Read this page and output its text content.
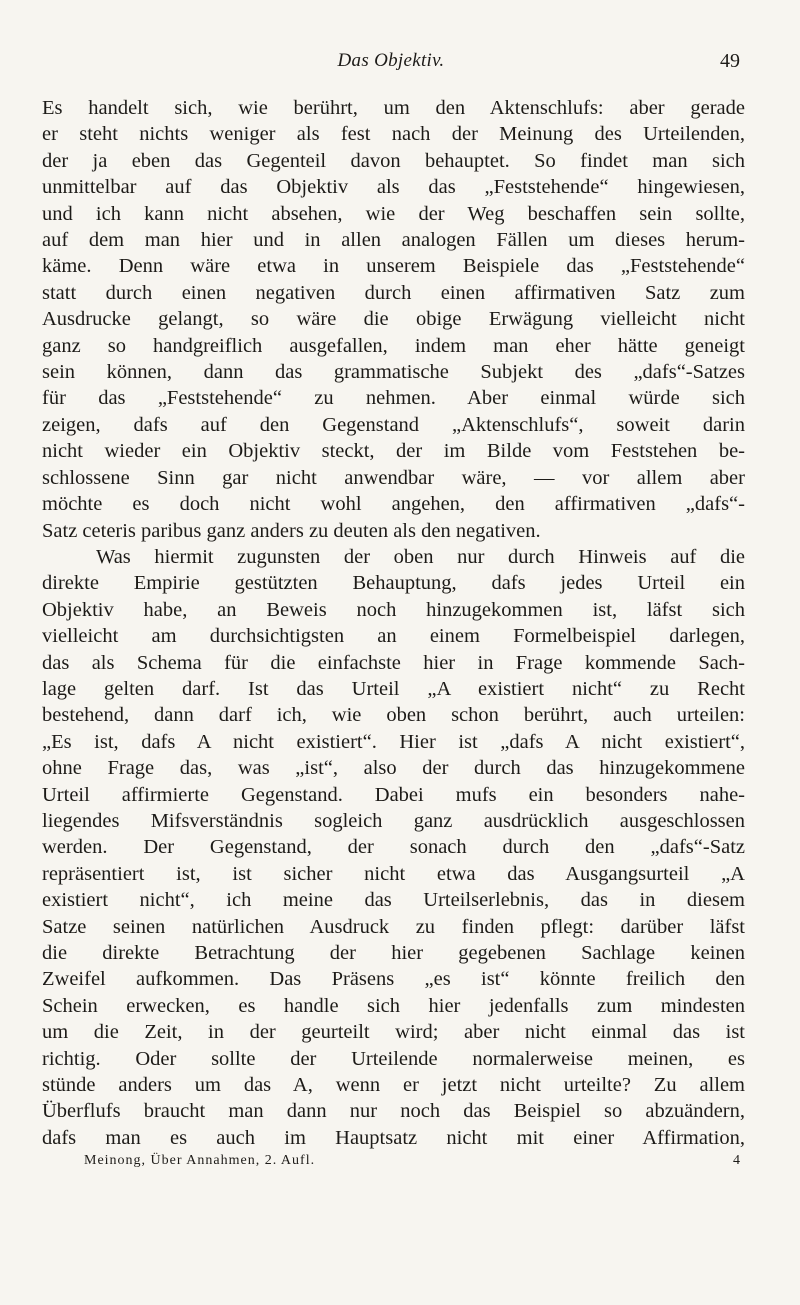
Das Objektiv.	49
Es handelt sich, wie berührt, um den Aktenschlufs: aber gerade
er steht nichts weniger als fest nach der Meinung des Urteilenden,
der ja eben das Gegenteil davon behauptet. So findet man sich
unmittelbar auf das Objektiv als das „Feststehende“ hingewiesen,
und ich kann nicht absehen, wie der Weg beschaffen sein sollte,
auf dem man hier und in allen analogen Fällen um dieses herum-
käme. Denn wäre etwa in unserem Beispiele das „Feststehende“
statt durch einen negativen durch einen affirmativen Satz zum
Ausdrucke gelangt, so wäre die obige Erwägung vielleicht nicht
ganz so handgreiflich ausgefallen, indem man eher hätte geneigt
sein können, dann das grammatische Subjekt des „dafs“-Satzes
für das „Feststehende“ zu nehmen. Aber einmal würde sich
zeigen, dafs auf den Gegenstand „Aktenschlufs“, soweit darin
nicht wieder ein Objektiv steckt, der im Bilde vom Feststehen be-
schlossene Sinn gar nicht anwendbar wäre, — vor allem aber
möchte es doch nicht wohl angehen, den affirmativen „dafs“-
Satz ceteris paribus ganz anders zu deuten als den negativen.
Was hiermit zugunsten der oben nur durch Hinweis auf die
direkte Empirie gestützten Behauptung, dafs jedes Urteil ein
Objektiv habe, an Beweis noch hinzugekommen ist, läfst sich
vielleicht am durchsichtigsten an einem Formelbeispiel darlegen,
das als Schema für die einfachste hier in Frage kommende Sach-
lage gelten darf. Ist das Urteil „A existiert nicht“ zu Recht
bestehend, dann darf ich, wie oben schon berührt, auch urteilen:
„Es ist, dafs A nicht existiert“. Hier ist „dafs A nicht existiert“,
ohne Frage das, was „ist“, also der durch das hinzugekommene
Urteil affirmierte Gegenstand. Dabei mufs ein besonders nahe-
liegendes Mifsverständnis sogleich ganz ausdrücklich ausgeschlossen
werden. Der Gegenstand, der sonach durch den „dafs“-Satz
repräsentiert ist, ist sicher nicht etwa das Ausgangsurteil „A
existiert nicht“, ich meine das Urteilserlebnis, das in diesem
Satze seinen natürlichen Ausdruck zu finden pflegt: darüber läfst
die direkte Betrachtung der hier gegebenen Sachlage keinen
Zweifel aufkommen. Das Präsens „es ist“ könnte freilich den
Schein erwecken, es handle sich hier jedenfalls zum mindesten
um die Zeit, in der geurteilt wird; aber nicht einmal das ist
richtig. Oder sollte der Urteilende normalerweise meinen, es
stünde anders um das A, wenn er jetzt nicht urteilte? Zu allem
Überflufs braucht man dann nur noch das Beispiel so abzuändern,
dafs man es auch im Hauptsatz nicht mit einer Affirmation,
Meinong, Über Annahmen, 2. Aufl.	4
